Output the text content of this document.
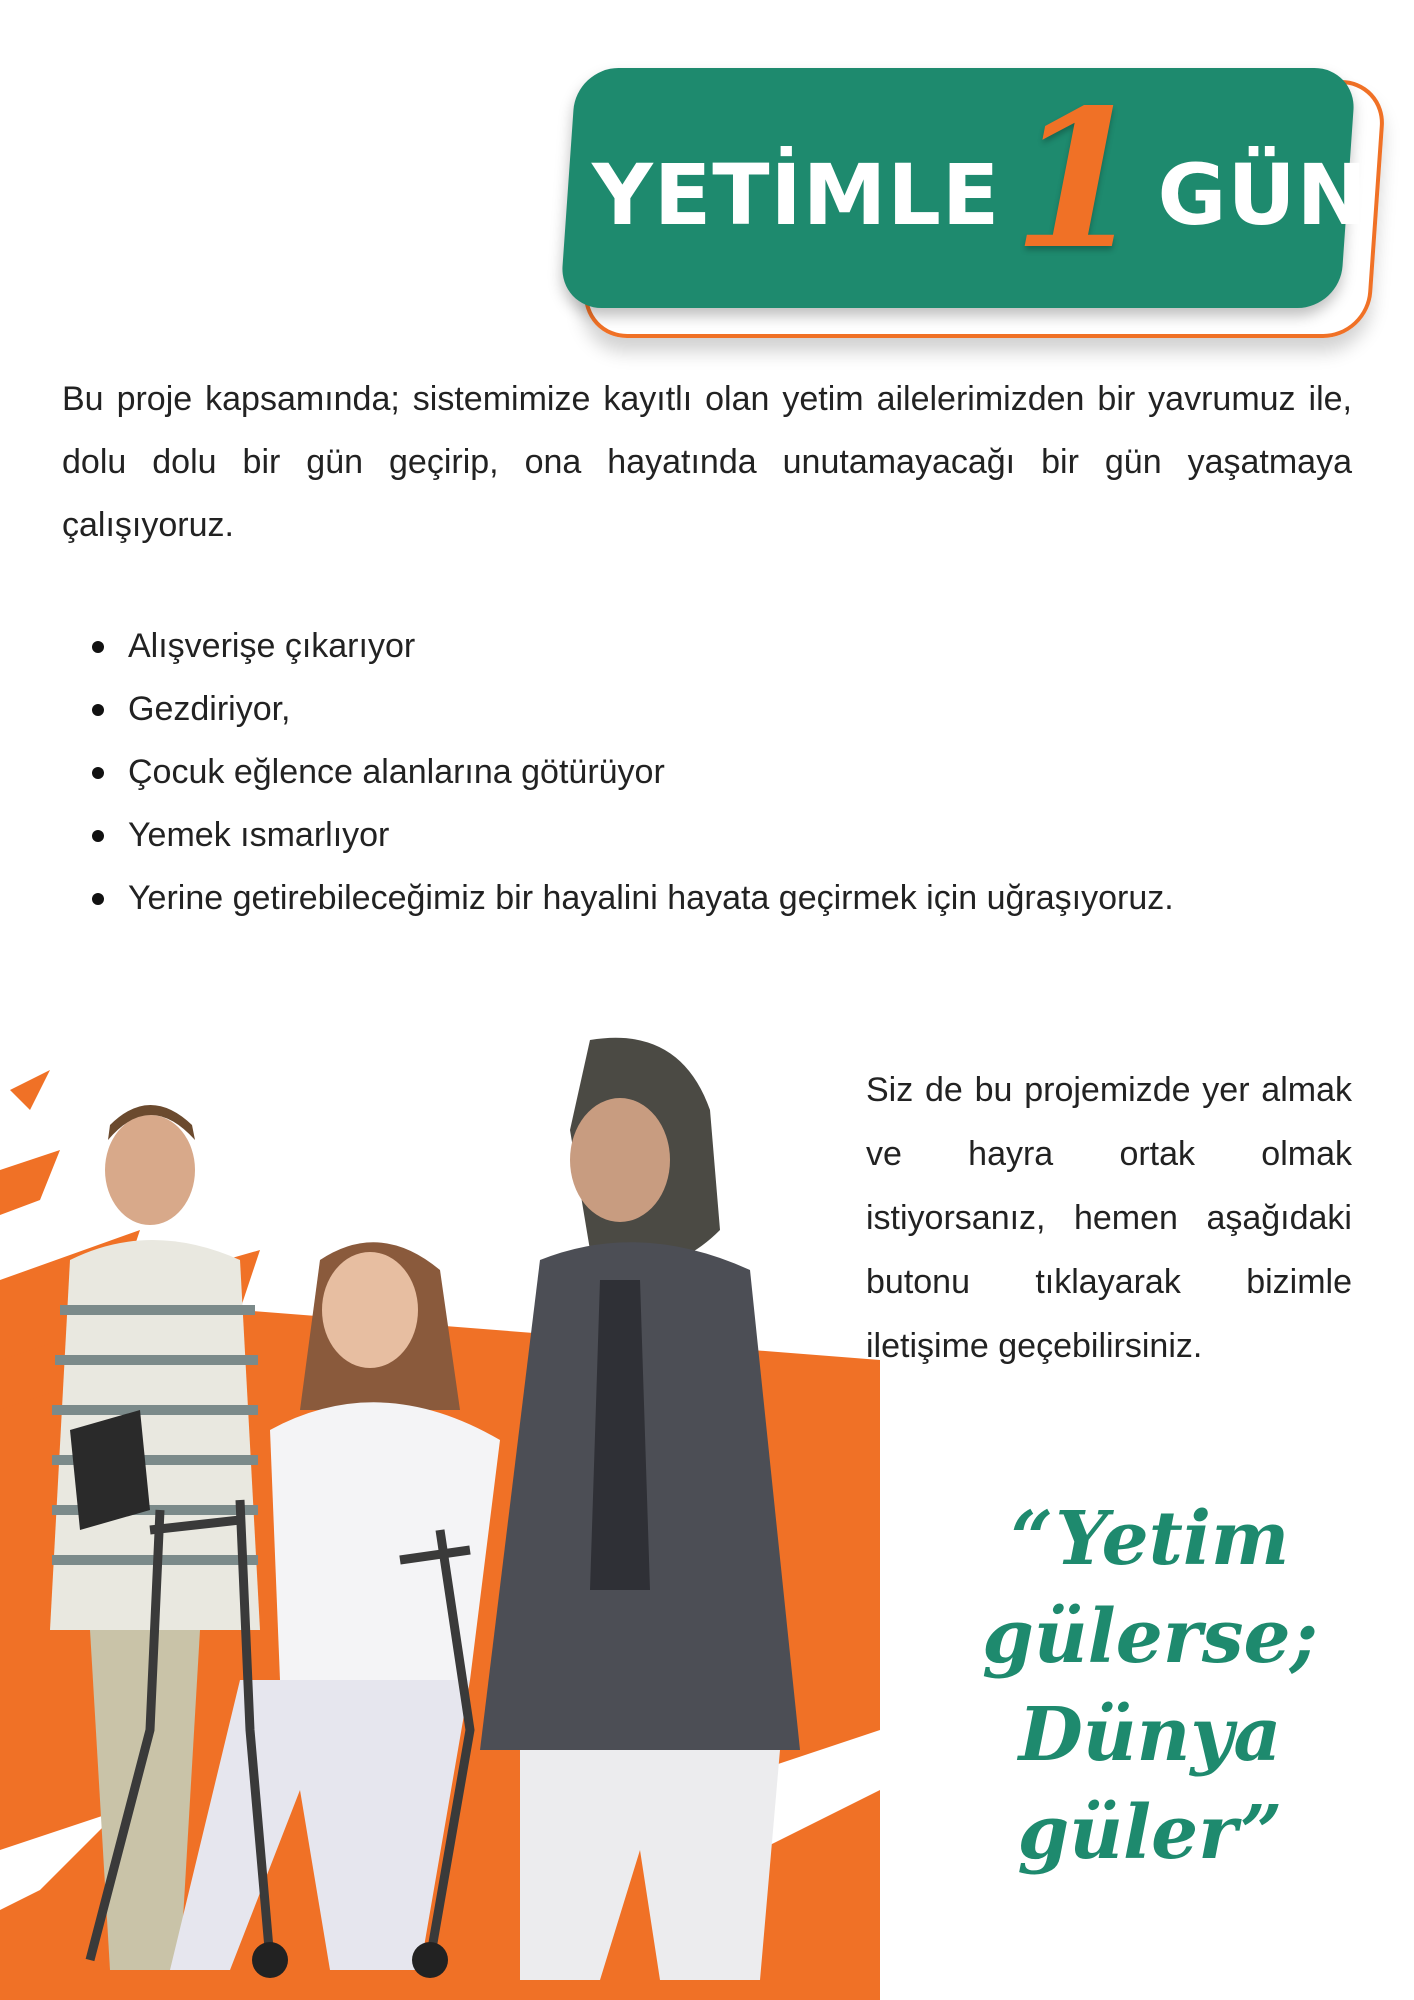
YETİMLE 1 GÜN

Bu proje kapsamında; sistemimize kayıtlı olan yetim ailelerimizden bir yavrumuz ile, dolu dolu bir gün geçirip, ona hayatında unutamayacağı bir gün yaşatmaya çalışıyoruz.

Alışverişe çıkarıyor
Gezdiriyor,
Çocuk eğlence alanlarına götürüyor
Yemek ısmarlıyor
Yerine getirebileceğimiz bir hayalini hayata geçirmek için uğraşıyoruz.

Siz de bu projemizde yer almak ve hayra ortak olmak istiyorsanız, hemen aşağıdaki butonu tıklayarak bizimle iletişime geçebilirsiniz.

“Yetim
gülerse;
Dünya güler”
